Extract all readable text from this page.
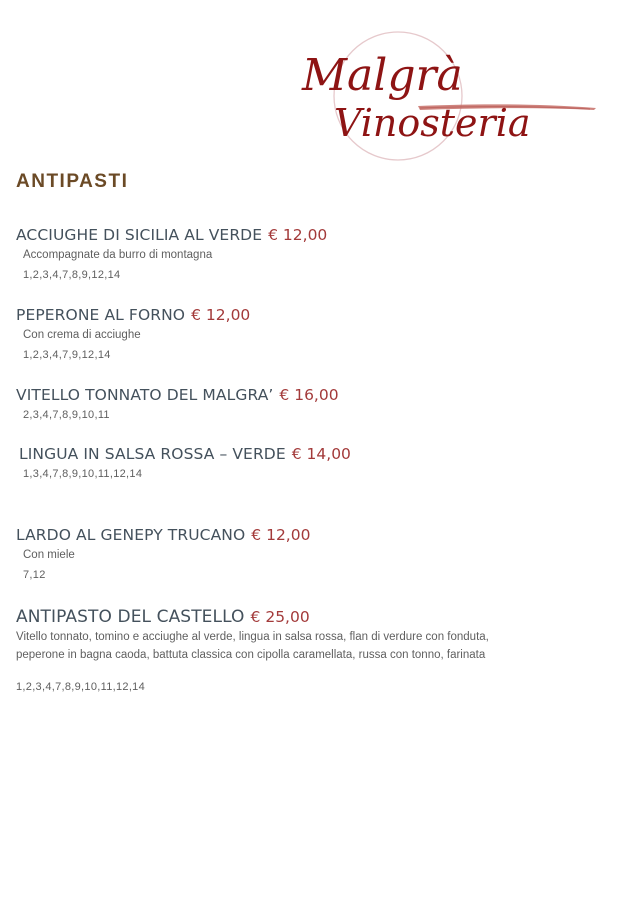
Malgrà
Vinosteria
ANTIPASTI
ACCIUGHE DI SICILIA AL VERDE € 12,00

Accompagnate da burro di montagna

1,2,3,4,7,8,9,12,14

PEPERONE AL FORNO € 12,00

Con crema di acciughe

1,2,3,4,7,9,12,14

VITELLO TONNATO DEL MALGRA’ € 16,00

2,3,4,7,8,9,10,11

LINGUA IN SALSA ROSSA – VERDE € 14,00

1,3,4,7,8,9,10,11,12,14

LARDO AL GENEPY TRUCANO € 12,00

Con miele

7,12

ANTIPASTO DEL CASTELLO € 25,00

Vitello tonnato, tomino e acciughe al verde, lingua in salsa rossa, flan di verdure con fonduta,

peperone in bagna caoda, battuta classica con cipolla caramellata, russa con tonno, farinata

1,2,3,4,7,8,9,10,11,12,14
